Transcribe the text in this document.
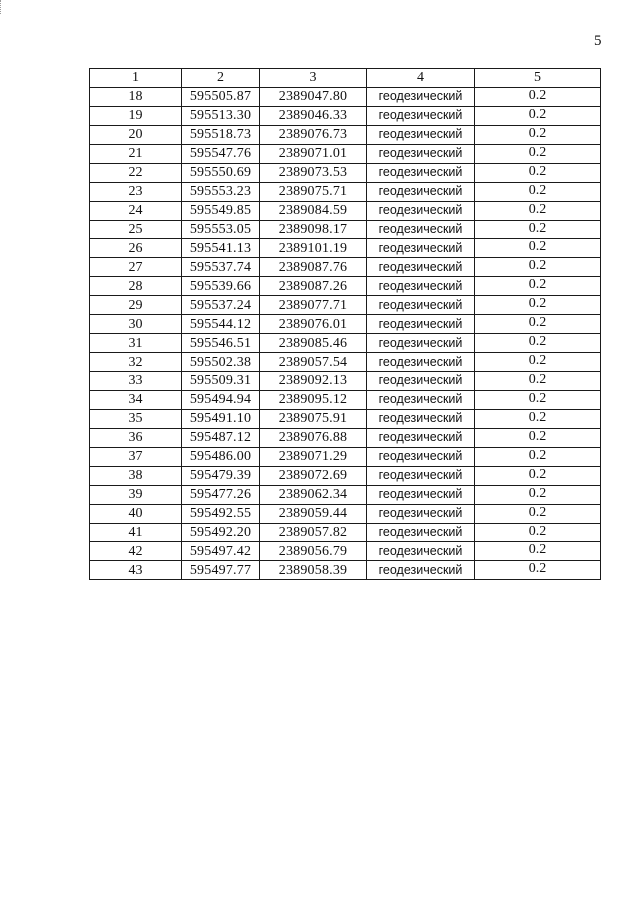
5
1	2	3	4	5
18	595505.87	2389047.80	геодезический	0.2
19	595513.30	2389046.33	геодезический	0.2
20	595518.73	2389076.73	геодезический	0.2
21	595547.76	2389071.01	геодезический	0.2
22	595550.69	2389073.53	геодезический	0.2
23	595553.23	2389075.71	геодезический	0.2
24	595549.85	2389084.59	геодезический	0.2
25	595553.05	2389098.17	геодезический	0.2
26	595541.13	2389101.19	геодезический	0.2
27	595537.74	2389087.76	геодезический	0.2
28	595539.66	2389087.26	геодезический	0.2
29	595537.24	2389077.71	геодезический	0.2
30	595544.12	2389076.01	геодезический	0.2
31	595546.51	2389085.46	геодезический	0.2
32	595502.38	2389057.54	геодезический	0.2
33	595509.31	2389092.13	геодезический	0.2
34	595494.94	2389095.12	геодезический	0.2
35	595491.10	2389075.91	геодезический	0.2
36	595487.12	2389076.88	геодезический	0.2
37	595486.00	2389071.29	геодезический	0.2
38	595479.39	2389072.69	геодезический	0.2
39	595477.26	2389062.34	геодезический	0.2
40	595492.55	2389059.44	геодезический	0.2
41	595492.20	2389057.82	геодезический	0.2
42	595497.42	2389056.79	геодезический	0.2
43	595497.77	2389058.39	геодезический	0.2
